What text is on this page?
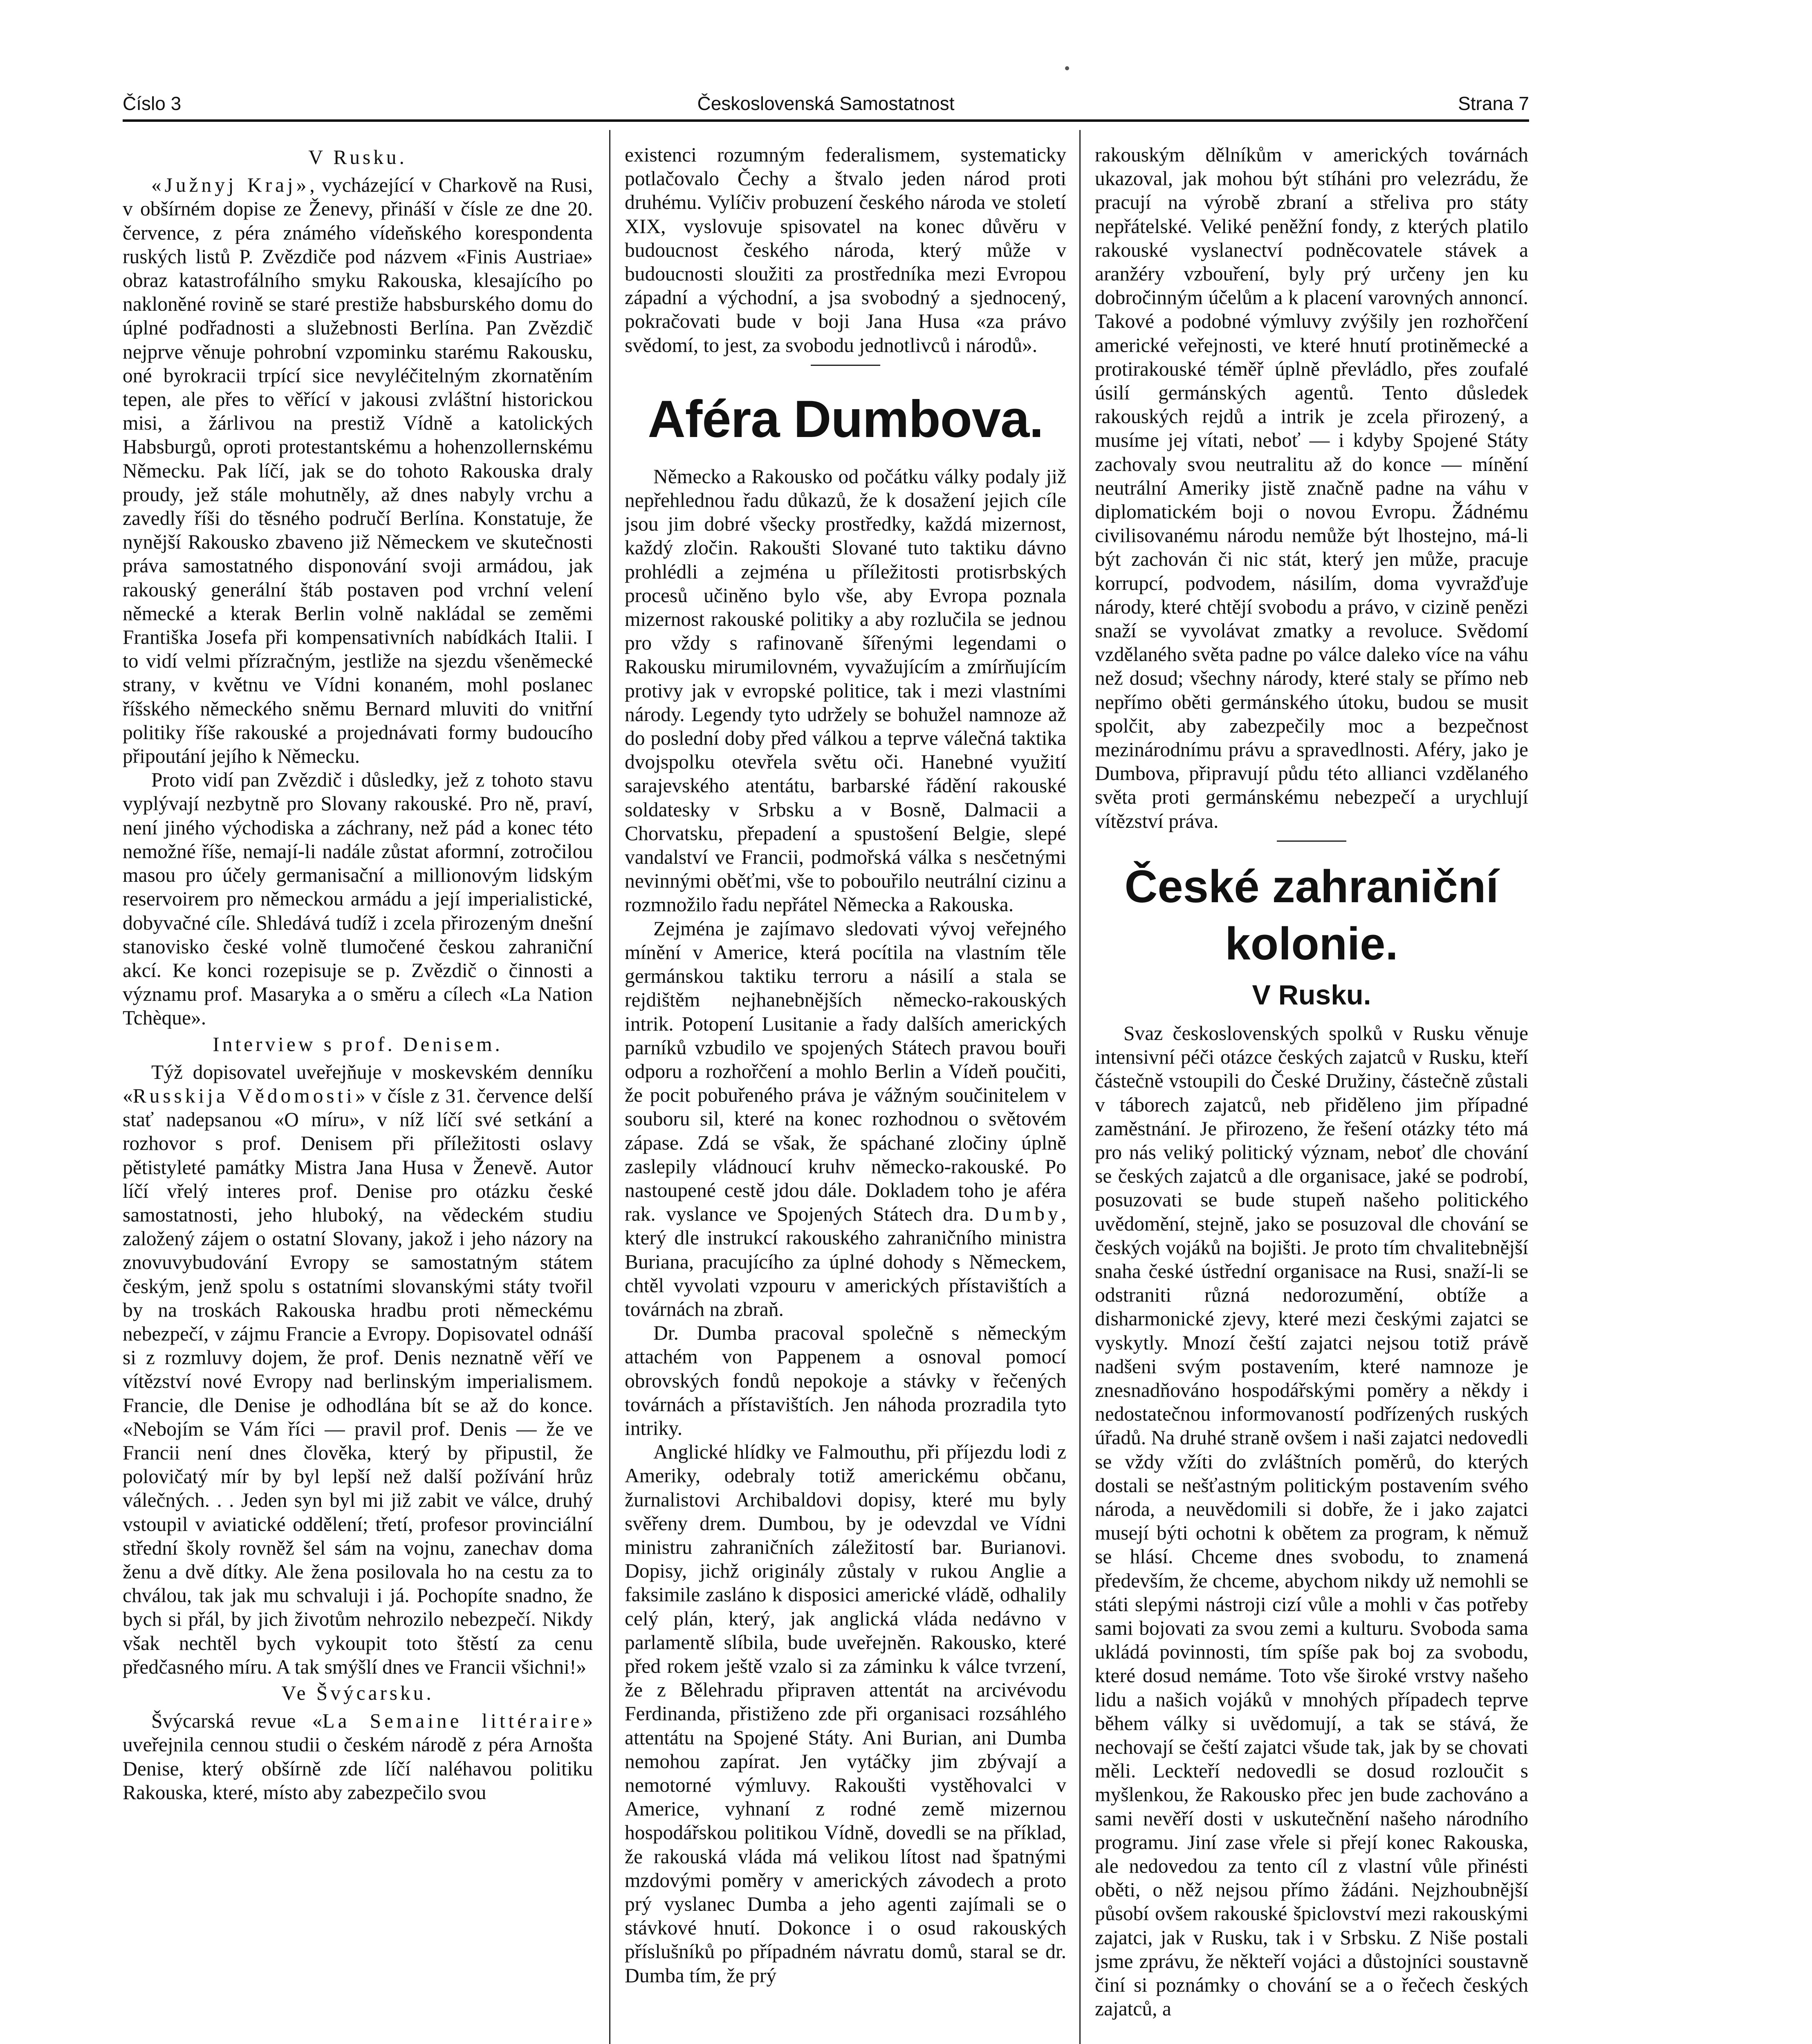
Číslo 3	Československá Samostatnost	Strana 7
V Rusku.

«Južnyj Kraj», vycházející v Charkově na Rusi, v obšírném dopise ze Ženevy, přináší v čísle ze dne 20. července, z péra známého vídeňského korespondenta ruských listů P. Zvězdiče pod názvem «Finis Austriae» obraz katastrofálního smyku Rakouska, klesajícího po nakloněné rovině se staré prestiže habsburského domu do úplné podřadnosti a služebnosti Berlína. Pan Zvězdič nejprve věnuje pohrobní vzpominku starému Rakousku, oné byrokracii trpící sice nevyléčitelným zkornatěním tepen, ale přes to věřící v jakousi zvláštní historickou misi, a žárlivou na prestiž Vídně a katolických Habsburgů, oproti protestantskému a hohenzollernskému Německu. Pak líčí, jak se do tohoto Rakouska draly proudy, jež stále mohutněly, až dnes nabyly vrchu a zavedly říši do těsného područí Berlína. Konstatuje, že nynější Rakousko zbaveno již Německem ve skutečnosti práva samostatného disponování svoji armádou, jak rakouský generální štáb postaven pod vrchní velení německé a kterak Berlin volně nakládal se zeměmi Františka Josefa při kompensativních nabídkách Italii. I to vidí velmi přízračným, jestliže na sjezdu všeněmecké strany, v květnu ve Vídni konaném, mohl poslanec říšského německého sněmu Bernard mluviti do vnitřní politiky říše rakouské a projednávati formy budoucího připoutání jejího k Německu.

Proto vidí pan Zvězdič i důsledky, jež z tohoto stavu vyplývají nezbytně pro Slovany rakouské. Pro ně, praví, není jiného východiska a záchrany, než pád a konec této nemožné říše, nemají-li nadále zůstat aformní, zotročilou masou pro účely germanisační a millionovým lidským reservoirem pro německou armádu a její imperialistické, dobyvačné cíle. Shledává tudíž i zcela přirozeným dnešní stanovisko české volně tlumočené českou zahraniční akcí. Ke konci rozepisuje se p. Zvězdič o činnosti a významu prof. Masaryka a o směru a cílech «La Nation Tchèque».

Interview s prof. Denisem.

Týž dopisovatel uveřejňuje v moskevském denníku «Russkija Vědomosti» v čísle z 31. července delší stať nadepsanou «O míru», v níž líčí své setkání a rozhovor s prof. Denisem při příležitosti oslavy pětistyleté památky Mistra Jana Husa v Ženevě. Autor líčí vřelý interes prof. Denise pro otázku české samostatnosti, jeho hluboký, na vědeckém studiu založený zájem o ostatní Slovany, jakož i jeho názory na znovuvybudování Evropy se samostatným státem českým, jenž spolu s ostatními slovanskými státy tvořil by na troskách Rakouska hradbu proti německému nebezpečí, v zájmu Francie a Evropy. Dopisovatel odnáší si z rozmluvy dojem, že prof. Denis neznatně věří ve vítězství nové Evropy nad berlinským imperialismem. Francie, dle Denise je odhodlána bít se až do konce. «Nebojím se Vám říci — pravil prof. Denis — že ve Francii není dnes člověka, který by připustil, že polovičatý mír by byl lepší než další požívání hrůz válečných. . . Jeden syn byl mi již zabit ve válce, druhý vstoupil v aviatické oddělení; třetí, profesor provinciální střední školy rovněž šel sám na vojnu, zanechav doma ženu a dvě dítky. Ale žena posilovala ho na cestu za to chválou, tak jak mu schvaluji i já. Pochopíte snadno, že bych si přál, by jich životům nehrozilo nebezpečí. Nikdy však nechtěl bych vykoupit toto štěstí za cenu předčasného míru. A tak smýšlí dnes ve Francii všichni!»

Ve Švýcarsku.

Švýcarská revue «La Semaine littéraire» uveřejnila cennou studii o českém národě z péra Arnošta Denise, který obšírně zde líčí naléhavou politiku Rakouska, které, místo aby zabezpečilo svou

existenci rozumným federalismem, systematicky potlačovalo Čechy a štvalo jeden národ proti druhému. Vylíčiv probuzení českého národa ve století XIX, vyslovuje spisovatel na konec důvěru v budoucnost českého národa, který může v budoucnosti sloužiti za prostředníka mezi Evropou západní a východní, a jsa svobodný a sjednocený, pokračovati bude v boji Jana Husa «za právo svědomí, to jest, za svobodu jednotlivců i národů».

Aféra Dumbova.

Německo a Rakousko od počátku války podaly již nepřehlednou řadu důkazů, že k dosažení jejich cíle jsou jim dobré všecky prostředky, každá mizernost, každý zločin. Rakoušti Slované tuto taktiku dávno prohlédli a zejména u příležitosti protisrbských procesů učiněno bylo vše, aby Evropa poznala mizernost rakouské politiky a aby rozlučila se jednou pro vždy s rafinovaně šířenými legendami o Rakousku mirumilovném, vyvažujícím a zmírňujícím protivy jak v evropské politice, tak i mezi vlastními národy. Legendy tyto udržely se bohužel namnoze až do poslední doby před válkou a teprve válečná taktika dvojspolku otevřela světu oči. Hanebné využití sarajevského atentátu, barbarské řádění rakouské soldatesky v Srbsku a v Bosně, Dalmacii a Chorvatsku, přepadení a spustošení Belgie, slepé vandalství ve Francii, podmořská válka s nesčetnými nevinnými oběťmi, vše to pobouřilo neutrální cizinu a rozmnožilo řadu nepřátel Německa a Rakouska.

Zejména je zajímavo sledovati vývoj veřejného mínění v Americe, která pocítila na vlastním těle germánskou taktiku terroru a násilí a stala se rejdištěm nejhanebnějších německo-rakouských intrik. Potopení Lusitanie a řady dalších amerických parníků vzbudilo ve spojených Státech pravou bouři odporu a rozhořčení a mohlo Berlin a Vídeň poučiti, že pocit pobuřeného práva je vážným součinitelem v souboru sil, které na konec rozhodnou o světovém zápase. Zdá se však, že spáchané zločiny úplně zaslepily vládnoucí kruhv německo-rakouské. Po nastoupené cestě jdou dále. Dokladem toho je aféra rak. vyslance ve Spojených Státech dra. Dumby, který dle instrukcí rakouského zahraničního ministra Buriana, pracujícího za úplné dohody s Německem, chtěl vyvolati vzpouru v amerických přístavištích a továrnách na zbraň.

Dr. Dumba pracoval společně s německým attachém von Pappenem a osnoval pomocí obrovských fondů nepokoje a stávky v řečených továrnách a přístavištích. Jen náhoda prozradila tyto intriky.

Anglické hlídky ve Falmouthu, při příjezdu lodi z Ameriky, odebraly totiž americkému občanu, žurnalistovi Archibaldovi dopisy, které mu byly svěřeny drem. Dumbou, by je odevzdal ve Vídni ministru zahraničních záležitostí bar. Burianovi. Dopisy, jichž originály zůstaly v rukou Anglie a faksimile zasláno k disposici americké vládě, odhalily celý plán, který, jak anglická vláda nedávno v parlamentě slíbila, bude uveřejněn. Rakousko, které před rokem ještě vzalo si za záminku k válce tvrzení, že z Bělehradu připraven attentát na arcivévodu Ferdinanda, přistiženo zde při organisaci rozsáhlého attentátu na Spojené Státy. Ani Burian, ani Dumba nemohou zapírat. Jen vytáčky jim zbývají a nemotorné výmluvy. Rakoušti vystěhovalci v Americe, vyhnaní z rodné země mizernou hospodářskou politikou Vídně, dovedli se na příklad, že rakouská vláda má velikou lítost nad špatnými mzdovými poměry v amerických závodech a proto prý vyslanec Dumba a jeho agenti zajímali se o stávkové hnutí. Dokonce i o osud rakouských příslušníků po případném návratu domů, staral se dr. Dumba tím, že prý

rakouským dělníkům v amerických továrnách ukazoval, jak mohou být stíháni pro velezrádu, že pracují na výrobě zbraní a střeliva pro státy nepřátelské. Veliké peněžní fondy, z kterých platilo rakouské vyslanectví podněcovatele stávek a aranžéry vzbouření, byly prý určeny jen ku dobročinným účelům a k placení varovných annoncí. Takové a podobné výmluvy zvýšily jen rozhořčení americké veřejnosti, ve které hnutí protiněmecké a protirakouské téměř úplně převládlo, přes zoufalé úsilí germánských agentů. Tento důsledek rakouských rejdů a intrik je zcela přirozený, a musíme jej vítati, neboť — i kdyby Spojené Státy zachovaly svou neutralitu až do konce — mínění neutrální Ameriky jistě značně padne na váhu v diplomatickém boji o novou Evropu. Žádnému civilisovanému národu nemůže být lhostejno, má-li být zachován či nic stát, který jen může, pracuje korrupcí, podvodem, násilím, doma vyvražďuje národy, které chtějí svobodu a právo, v cizině penězi snaží se vyvolávat zmatky a revoluce. Svědomí vzdělaného světa padne po válce daleko více na váhu než dosud; všechny národy, které staly se přímo neb nepřímo oběti germánského útoku, budou se musit spolčit, aby zabezpečily moc a bezpečnost mezinárodnímu právu a spravedlnosti. Aféry, jako je Dumbova, připravují půdu této allianci vzdělaného světa proti germánskému nebezpečí a urychlují vítězství práva.

České zahraniční
kolonie.
V Rusku.

Svaz československých spolků v Rusku věnuje intensivní péči otázce českých zajatců v Rusku, kteří částečně vstoupili do České Družiny, částečně zůstali v táborech zajatců, neb přiděleno jim případné zaměstnání. Je přirozeno, že řešení otázky této má pro nás veliký politický význam, neboť dle chování se českých zajatců a dle organisace, jaké se podrobí, posuzovati se bude stupeň našeho politického uvědomění, stejně, jako se posuzoval dle chování se českých vojáků na bojišti. Je proto tím chvalitebnější snaha české ústřední organisace na Rusi, snaží-li se odstraniti různá nedorozumění, obtíže a disharmonické zjevy, které mezi českými zajatci se vyskytly. Mnozí čeští zajatci nejsou totiž právě nadšeni svým postavením, které namnoze je znesnadňováno hospodářskými poměry a někdy i nedostatečnou informovaností podřízených ruských úřadů. Na druhé straně ovšem i naši zajatci nedovedli se vždy vžíti do zvláštních poměrů, do kterých dostali se nešťastným politickým postavením svého národa, a neuvědomili si dobře, že i jako zajatci musejí býti ochotni k obětem za program, k němuž se hlásí. Chceme dnes svobodu, to znamená především, že chceme, abychom nikdy už nemohli se státi slepými nástroji cizí vůle a mohli v čas potřeby sami bojovati za svou zemi a kulturu. Svoboda sama ukládá povinnosti, tím spíše pak boj za svobodu, které dosud nemáme. Toto vše široké vrstvy našeho lidu a našich vojáků v mnohých případech teprve během války si uvědomují, a tak se stává, že nechovají se čeští zajatci všude tak, jak by se chovati měli. Leckteří nedovedli se dosud rozloučit s myšlenkou, že Rakousko přec jen bude zachováno a sami nevěří dosti v uskutečnění našeho národního programu. Jiní zase vřele si přejí konec Rakouska, ale nedovedou za tento cíl z vlastní vůle přinésti oběti, o něž nejsou přímo žádáni. Nejzhoubnější působí ovšem rakouské špiclovství mezi rakouskými zajatci, jak v Rusku, tak i v Srbsku. Z Niše postali jsme zprávu, že někteří vojáci a důstojníci soustavně činí si poznámky o chování se a o řečech českých zajatců, a
